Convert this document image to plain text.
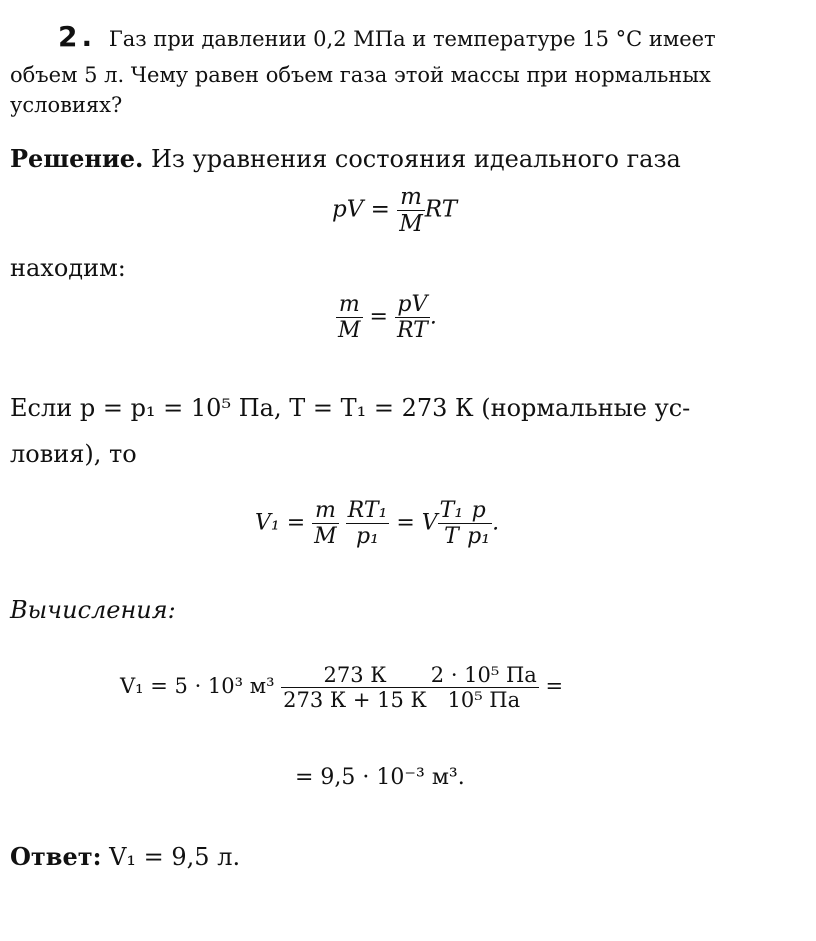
2 . Газ при давлении 0,2 МПа и температуре 15 °С имеет
объем 5 л. Чему равен объем газа этой массы при нормальных
условиях?
Решение. Из уравнения состояния идеального газа
pV = $\frac{m}{M}$ RT
находим:
$\frac{m}{M} = \frac{pV}{RT}$ .
Если p = p₁ = 10⁵ Па, T = T₁ = 273 К (нормальные ус-
ловия), то
$V_1 = \frac{m}{M}$
$\frac{\text{RT₁}}{\text{p₁}} = V \frac{\text{T₁}}{T} \frac{p}{\text{p₁}}$ .
Вычисления:
V₁ = 5 · 10³ $м^3 \frac{273 К}{273 К + 15 К} \frac{\text{2 · 10⁵ Па}}{\text{10⁵ Па}}$ =
= 9,5 · 10⁻³ м³.
Ответ: V₁ = 9,5 л.
